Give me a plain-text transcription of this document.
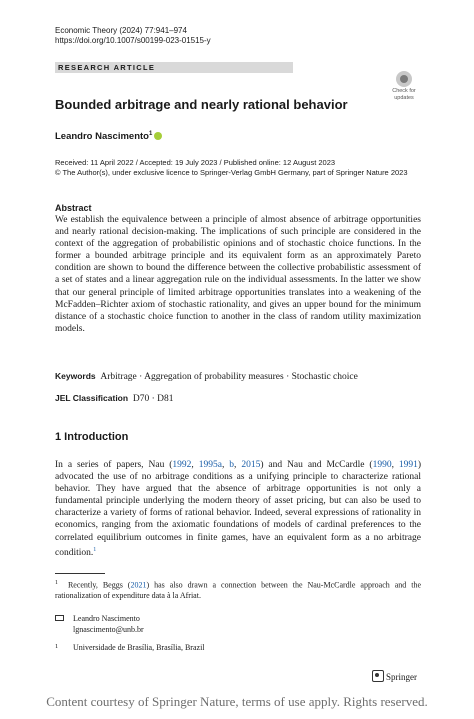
Economic Theory (2024) 77:941–974
https://doi.org/10.1007/s00199-023-01515-y
RESEARCH ARTICLE
Check for
updates
Bounded arbitrage and nearly rational behavior
Leandro Nascimento$^1$
Received: 11 April 2022 / Accepted: 19 July 2023 / Published online: 12 August 2023
© The Author(s), under exclusive licence to Springer-Verlag GmbH Germany, part of Springer Nature 2023
Abstract
We establish the equivalence between a principle of almost absence of arbitrage opportunities and nearly rational decision-making. The implications of such principle are considered in the context of the aggregation of probabilistic opinions and of stochastic choice functions. In the former a bounded arbitrage principle and its equivalent form as an approximately Pareto condition are shown to bound the difference between the collective probabilistic assessment of a set of states and a linear aggregation rule on the individual assessments. In the latter we show that our general principle of limited arbitrage opportunities translates into a weakening of the McFadden–Richter axiom of stochastic rationality, and gives an upper bound for the minimum distance of a stochastic choice function to another in the class of random utility maximization models.
Keywords Arbitrage · Aggregation of probability measures · Stochastic choice
JEL Classification D70 · D81
1 Introduction
In a series of papers, Nau (1992, 1995a, b, 2015) and Nau and McCardle (1990, 1991) advocated the use of no arbitrage conditions as a unifying principle to characterize rational behavior. They have argued that the absence of arbitrage opportunities is not only a fundamental principle underlying the modern theory of asset pricing, but can also be used to characterize a variety of forms of rational behavior. Indeed, several expressions of rationality in economics, ranging from the axiomatic foundations of models of cardinal preferences to the correlated equilibrium outcomes in finite games, have an equivalent form as a no arbitrage condition.$^1$
$^1$ Recently, Beggs (2021) has also drawn a connection between the Nau-McCardle approach and the rationalization of expenditure data à la Afriat.
Leandro Nascimento
lgnascimento@unb.br
1 Universidade de Brasília, Brasília, Brazil
Springer
Content courtesy of Springer Nature, terms of use apply. Rights reserved.
